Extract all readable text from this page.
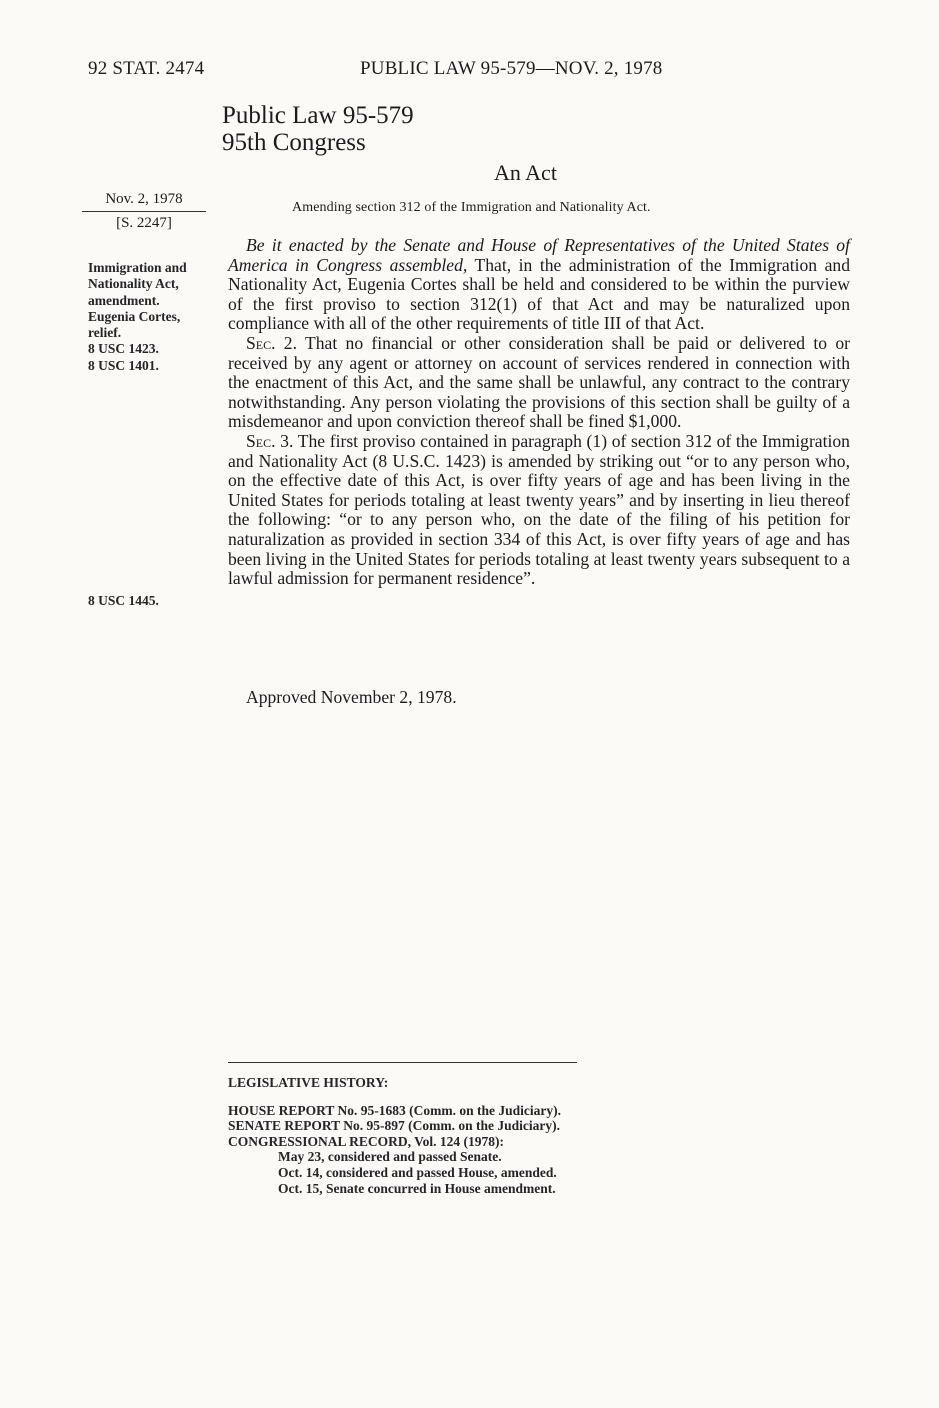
92 STAT. 2474	PUBLIC LAW 95-579—NOV. 2, 1978
Public Law 95-579
95th Congress
An Act
Nov. 2, 1978
[S. 2247]
Amending section 312 of the Immigration and Nationality Act.
Immigration and
Nationality Act,
amendment.
Eugenia Cortes,
relief.
8 USC 1423.
8 USC 1401.
8 USC 1445.

Be it enacted by the Senate and House of Representatives of the United States of America in Congress assembled, That, in the administration of the Immigration and Nationality Act, Eugenia Cortes shall be held and considered to be within the purview of the first proviso to section 312(1) of that Act and may be naturalized upon compliance with all of the other requirements of title III of that Act.

Sec. 2. That no financial or other consideration shall be paid or delivered to or received by any agent or attorney on account of services rendered in connection with the enactment of this Act, and the same shall be unlawful, any contract to the contrary notwithstanding. Any person violating the provisions of this section shall be guilty of a misdemeanor and upon conviction thereof shall be fined $1,000.

Sec. 3. The first proviso contained in paragraph (1) of section 312 of the Immigration and Nationality Act (8 U.S.C. 1423) is amended by striking out “or to any person who, on the effective date of this Act, is over fifty years of age and has been living in the United States for periods totaling at least twenty years” and by inserting in lieu thereof the following: “or to any person who, on the date of the filing of his petition for naturalization as provided in section 334 of this Act, is over fifty years of age and has been living in the United States for periods totaling at least twenty years subsequent to a lawful admission for permanent residence”.

Approved November 2, 1978.
LEGISLATIVE HISTORY:
HOUSE REPORT No. 95-1683 (Comm. on the Judiciary).
SENATE REPORT No. 95-897 (Comm. on the Judiciary).
CONGRESSIONAL RECORD, Vol. 124 (1978):
May 23, considered and passed Senate.
Oct. 14, considered and passed House, amended.
Oct. 15, Senate concurred in House amendment.
